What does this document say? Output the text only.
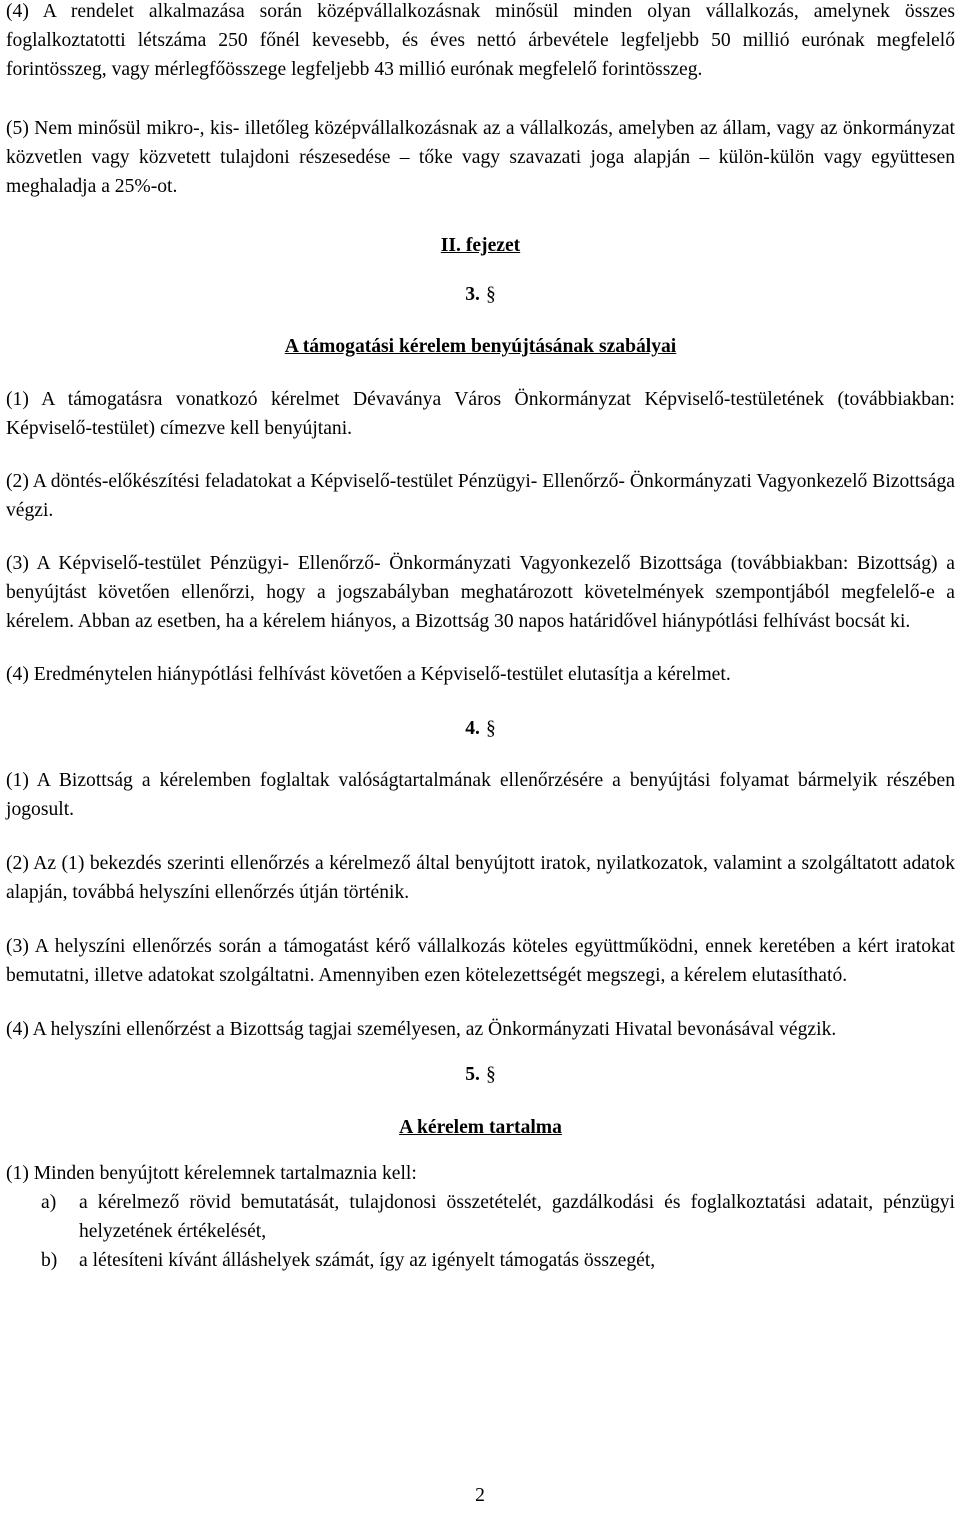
(4) A rendelet alkalmazása során középvállalkozásnak minősül minden olyan vállalkozás, amelynek összes foglalkoztatotti létszáma 250 főnél kevesebb, és éves nettó árbevétele legfeljebb 50 millió eurónak megfelelő forintösszeg, vagy mérlegfőösszege legfeljebb 43 millió eurónak megfelelő forintösszeg.

(5) Nem minősül mikro-, kis- illetőleg középvállalkozásnak az a vállalkozás, amelyben az állam, vagy az önkormányzat közvetlen vagy közvetett tulajdoni részesedése – tőke vagy szavazati joga alapján – külön-külön vagy együttesen meghaladja a 25%-ot.

II. fejezet

3. §

A támogatási kérelem benyújtásának szabályai

(1) A támogatásra vonatkozó kérelmet Dévaványa Város Önkormányzat Képviselő-testületének (továbbiakban: Képviselő-testület) címezve kell benyújtani.

(2) A döntés-előkészítési feladatokat a Képviselő-testület Pénzügyi- Ellenőrző- Önkormányzati Vagyonkezelő Bizottsága végzi.

(3) A Képviselő-testület Pénzügyi- Ellenőrző- Önkormányzati Vagyonkezelő Bizottsága (továbbiakban: Bizottság) a benyújtást követően ellenőrzi, hogy a jogszabályban meghatározott követelmények szempontjából megfelelő-e a kérelem. Abban az esetben, ha a kérelem hiányos, a Bizottság 30 napos határidővel hiánypótlási felhívást bocsát ki.

(4) Eredménytelen hiánypótlási felhívást követően a Képviselő-testület elutasítja a kérelmet.

4. §

(1) A Bizottság a kérelemben foglaltak valóságtartalmának ellenőrzésére a benyújtási folyamat bármelyik részében jogosult.

(2) Az (1) bekezdés szerinti ellenőrzés a kérelmező által benyújtott iratok, nyilatkozatok, valamint a szolgáltatott adatok alapján, továbbá helyszíni ellenőrzés útján történik.

(3) A helyszíni ellenőrzés során a támogatást kérő vállalkozás köteles együttműködni, ennek keretében a kért iratokat bemutatni, illetve adatokat szolgáltatni. Amennyiben ezen kötelezettségét megszegi, a kérelem elutasítható.

(4) A helyszíni ellenőrzést a Bizottság tagjai személyesen, az Önkormányzati Hivatal bevonásával végzik.

5. §

A kérelem tartalma

(1) Minden benyújtott kérelemnek tartalmaznia kell:

a)	a kérelmező rövid bemutatását, tulajdonosi összetételét, gazdálkodási és foglalkoztatási adatait, pénzügyi helyzetének értékelését,
b)	a létesíteni kívánt álláshelyek számát, így az igényelt támogatás összegét,
2
